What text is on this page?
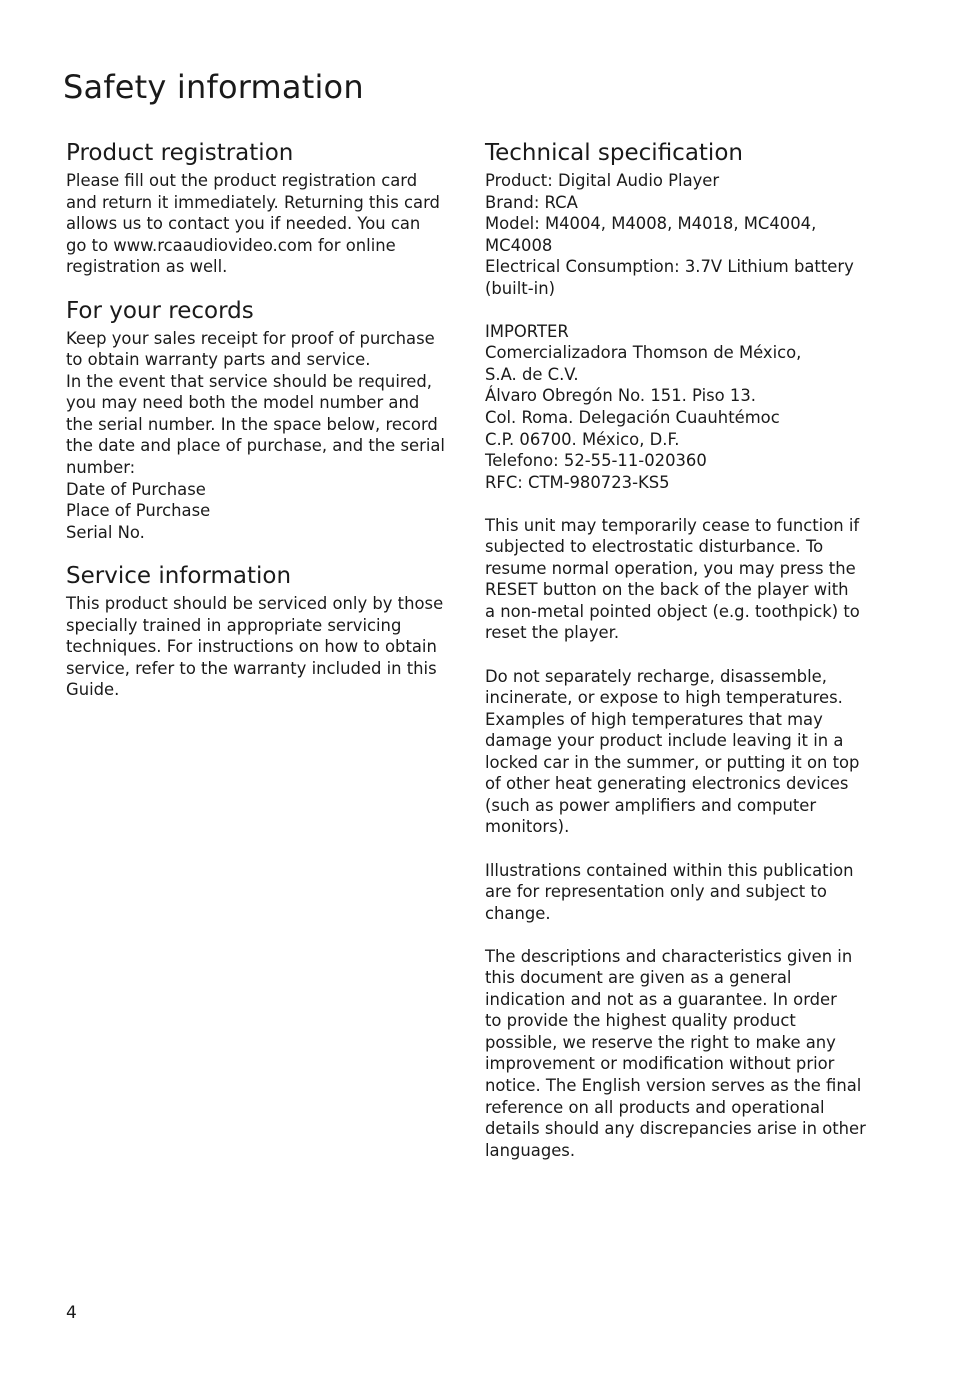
Safety information
Product registration

Please fill out the product registration card

and return it immediately. Returning this card

allows us to contact you if needed. You can

go to www.rcaaudiovideo.com for online

registration as well.

For your records

Keep your sales receipt for proof of purchase

to obtain warranty parts and service.

In the event that service should be required,

you may need both the model number and

the serial number. In the space below, record

the date and place of purchase, and the serial

number:

Date of Purchase

Place of Purchase

Serial No.

Service information

This product should be serviced only by those

specially trained in appropriate servicing

techniques. For instructions on how to obtain

service, refer to the warranty included in this

Guide.

Technical specification

Product: Digital Audio Player

Brand: RCA

Model: M4004, M4008, M4018, MC4004,

MC4008

Electrical Consumption: 3.7V Lithium battery

(built-in)

IMPORTER

Comercializadora Thomson de México,

S.A. de C.V.

Álvaro Obregón No. 151. Piso 13.

Col. Roma. Delegación Cuauhtémoc

C.P. 06700. México, D.F.

Telefono: 52-55-11-020360

RFC: CTM-980723-KS5

This unit may temporarily cease to function if

subjected to electrostatic disturbance. To

resume normal operation, you may press the

RESET button on the back of the player with

a non-metal pointed object (e.g. toothpick) to

reset the player.

Do not separately recharge, disassemble,

incinerate, or expose to high temperatures.

Examples of high temperatures that may

damage your product include leaving it in a

locked car in the summer, or putting it on top

of other heat generating electronics devices

(such as power amplifiers and computer

monitors).

Illustrations contained within this publication

are for representation only and subject to

change.

The descriptions and characteristics given in

this document are given as a general

indication and not as a guarantee. In order

to provide the highest quality product

possible, we reserve the right to make any

improvement or modification without prior

notice. The English version serves as the final

reference on all products and operational

details should any discrepancies arise in other

languages.

4
